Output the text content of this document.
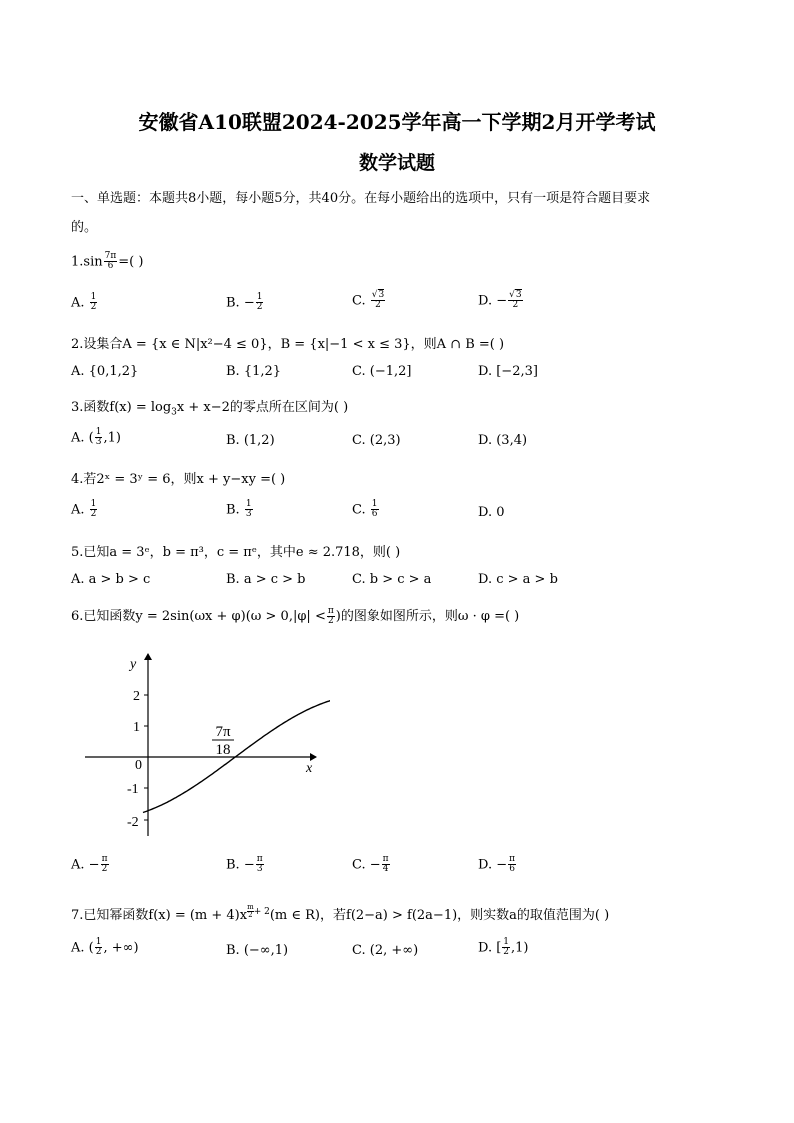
安徽省A10联盟2024-2025学年高一下学期2月开学考试
数学试题
一、单选题：本题共8小题，每小题5分，共40分。在每小题给出的选项中，只有一项是符合题目要求
的。
$1.\sin \frac{7\pi}{6}$ =( )
A. $\frac{1}{2}$	B. − $\frac{1}{2}$	C. $\frac{√3}{2}$	D. − $\frac{√3}{2}$
2.设集合A = {x ∈ N|x²−4 ≤ 0}，B = {x|−1 < x ≤ 3}，则A ∩ B =( )
A. {0,1,2}	B. {1,2}	C. (−1,2]	D. [−2,3]
3.函数$f(x) = \log_3x + x-2$的零点所在区间为( )
A. ( $\frac{1}{3} ,1$)	B. (1,2)	C. (2,3)	D. (3,4)
4.若2ˣ = 3ʸ = 6，则x + y−xy =( )
A. $\frac{1}{2}$	B. $\frac{1}{3}$	C. $\frac{1}{6}$	D. 0
5.已知a = 3ᵉ，b = π³，c = πᵉ，其中e ≈ 2.718，则( )
A. a > b > c	B. a > c > b	C. b > c > a	D. c > a > b
6.已知函数$y = 2\sin(\omega x + \varphi)(\omega > 0,|\varphi| < \frac{\pi}{2}$ )的图象如图所示，则ω · φ =( )
y
x
0
2
1
-1
-2
7π
18
A. − $\frac{\pi}{2}$	B. − $\frac{\pi}{3}$	C. − $\frac{\pi}{4}$	D. − $\frac{\pi}{6}$
7.已知幂函数$f(x) = (m + 4)x \frac{m}{2} ^{+ 2}(m$ ∈ R)，若f(2−a) > f(2a−1)，则实数a的取值范围为( )
A. ( $\frac{1}{2}$ , +∞)	B. (−∞,1)	C. (2, +∞)	D. [ $\frac{1}{2} ,1$)
